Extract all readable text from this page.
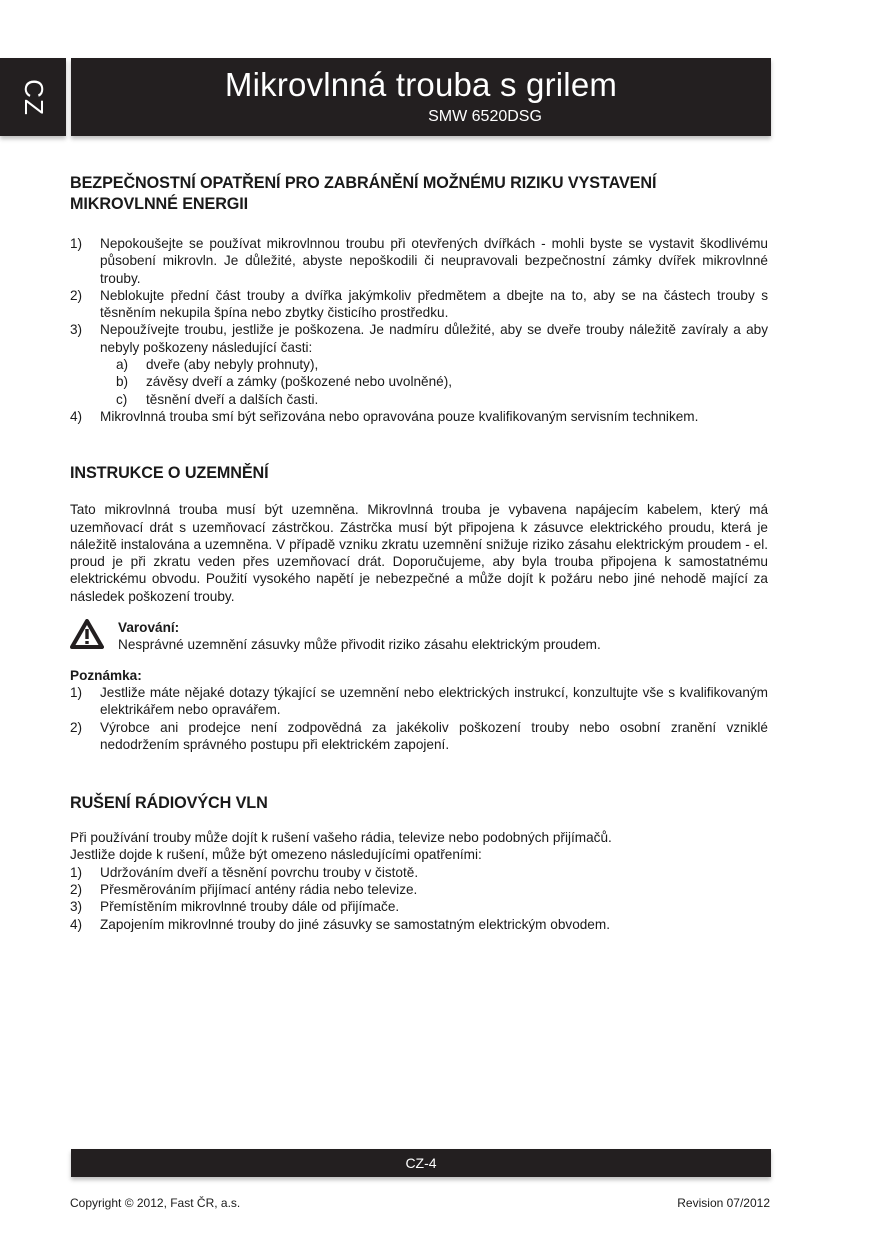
CZ	Mikrovlnná trouba s grilem
SMW 6520DSG
BEZPEČNOSTNÍ OPATŘENÍ PRO ZABRÁNĚNÍ MOŽNÉMU RIZIKU VYSTAVENÍ MIKROVLNNÉ ENERGII
1)	Nepokoušejte se používat mikrovlnnou troubu při otevřených dvířkách - mohli byste se vystavit škodlivému působení mikrovln. Je důležité, abyste nepoškodili či neupravovali bezpečnostní zámky dvířek mikrovlnné trouby.
2)	Neblokujte přední část trouby a dvířka jakýmkoliv předmětem a dbejte na to, aby se na částech trouby s těsněním nekupila špína nebo zbytky čisticího prostředku.
3)	Nepoužívejte troubu, jestliže je poškozena. Je nadmíru důležité, aby se dveře trouby náležitě zavíraly a aby nebyly poškozeny následující časti:
a)	dveře (aby nebyly prohnuty),
b)	závěsy dveří a zámky (poškozené nebo uvolněné),
c)	těsnění dveří a dalších časti.
4)	Mikrovlnná trouba smí být seřizována nebo opravována pouze kvalifikovaným servisním technikem.
INSTRUKCE O UZEMNĚNÍ
Tato mikrovlnná trouba musí být uzemněna. Mikrovlnná trouba je vybavena napájecím kabelem, který má uzemňovací drát s uzemňovací zástrčkou. Zástrčka musí být připojena k zásuvce elektrického proudu, která je náležitě instalována a uzemněna. V případě vzniku zkratu uzemnění snižuje riziko zásahu elektrickým proudem - el. proud je při zkratu veden přes uzemňovací drát. Doporučujeme, aby byla trouba připojena k samostatnému elektrickému obvodu. Použití vysokého napětí je nebezpečné a může dojít k požáru nebo jiné nehodě mající za následek poškození trouby.
Varování:
Nesprávné uzemnění zásuvky může přivodit riziko zásahu elektrickým proudem.
Poznámka:
1)	Jestliže máte nějaké dotazy týkající se uzemnění nebo elektrických instrukcí, konzultujte vše s kvalifikovaným elektrikářem nebo opravářem.
2)	Výrobce ani prodejce není zodpovědná za jakékoliv poškození trouby nebo osobní zranění vzniklé nedodržením správného postupu při elektrickém zapojení.
RUŠENÍ RÁDIOVÝCH VLN
Při používání trouby může dojít k rušení vašeho rádia, televize nebo podobných přijímačů.
Jestliže dojde k rušení, může být omezeno následujícími opatřeními:
1)	Udržováním dveří a těsnění povrchu trouby v čistotě.
2)	Přesměrováním přijímací antény rádia nebo televize.
3)	Přemístěním mikrovlnné trouby dále od přijímače.
4)	Zapojením mikrovlnné trouby do jiné zásuvky se samostatným elektrickým obvodem.
CZ-4
Copyright © 2012, Fast ČR, a.s.	Revision 07/2012
